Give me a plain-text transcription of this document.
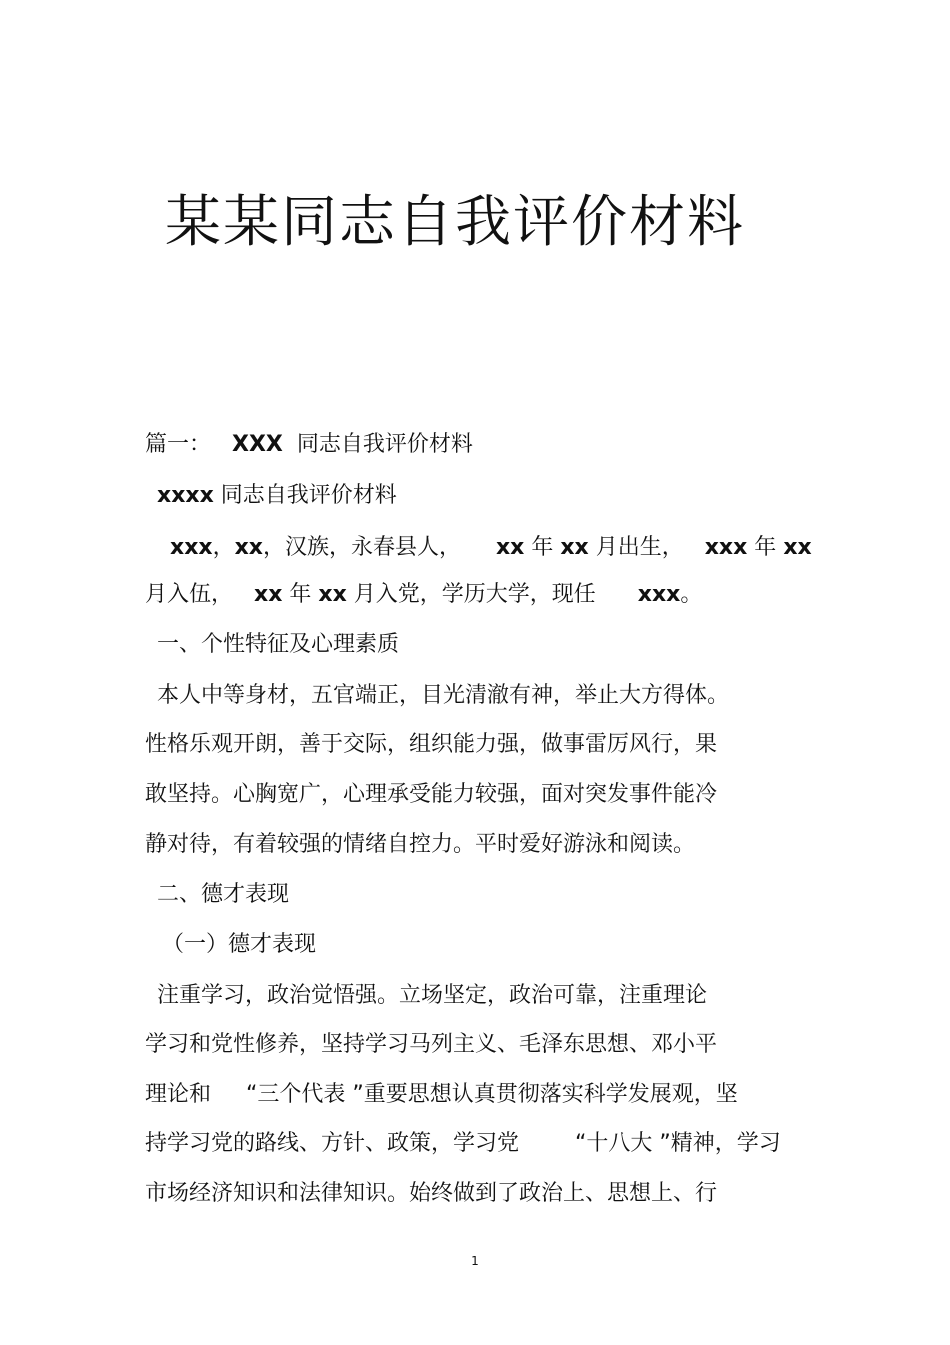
某某同志自我评价材料
篇一： XXX 同志自我评价材料
xxxx 同志自我评价材料
xxx，xx，汉族，永春县人， xx 年 xx 月出生， xxx 年 xx
月入伍， xx 年 xx 月入党，学历大学，现任 xxx。
一、个性特征及心理素质
本人中等身材，五官端正，目光清澈有神，举止大方得体。
性格乐观开朗，善于交际，组织能力强，做事雷厉风行，果
敢坚持。心胸宽广，心理承受能力较强，面对突发事件能冷
静对待，有着较强的情绪自控力。平时爱好游泳和阅读。
二、德才表现
（一）德才表现
注重学习，政治觉悟强。立场坚定，政治可靠，注重理论
学习和党性修养，坚持学习马列主义、毛泽东思想、邓小平
理论和     “三个代表 ”重要思想认真贯彻落实科学发展观，坚
持学习党的路线、方针、政策，学习党        “十八大 ”精神，学习
市场经济知识和法律知识。始终做到了政治上、思想上、行
1
